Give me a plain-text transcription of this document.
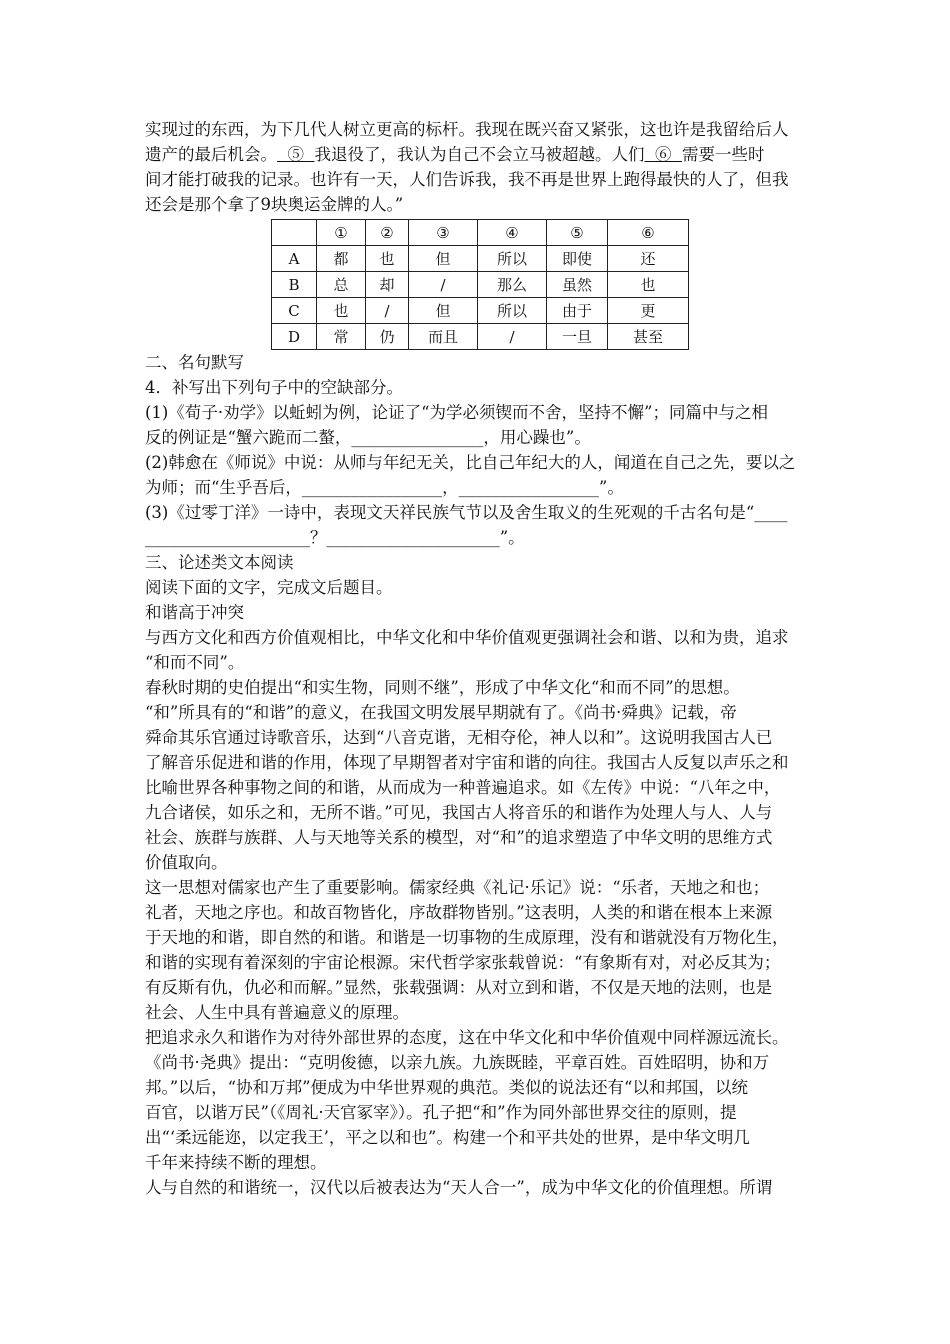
实现过的东西，为下几代人树立更高的标杆。我现在既兴奋又紧张，这也许是我留给后人

遗产的最后机会。 ⑤ 我退役了，我认为自己不会立马被超越。人们 ⑥ 需要一些时

间才能打破我的记录。也许有一天，人们告诉我，我不再是世界上跑得最快的人了，但我

还会是那个拿了9块奥运金牌的人。”

	①	②	③	④	⑤	⑥
A	都	也	但	所以	即使	还
B	总	却	/	那么	虽然	也
C	也	/	但	所以	由于	更
D	常	仍	而且	/	一旦	甚至

二、名句默写

4．补写出下列句子中的空缺部分。

(1)《荀子·劝学》以蚯蚓为例，论证了“为学必须锲而不舍，坚持不懈”；同篇中与之相

反的例证是“蟹六跪而二螯，________________，用心躁也”。

(2)韩愈在《师说》中说：从师与年纪无关，比自己年纪大的人，闻道在自己之先，要以之

为师；而“生乎吾后，_________________，_________________”。

(3)《过零丁洋》一诗中，表现文天祥民族气节以及舍生取义的生死观的千古名句是“____

____________________？_____________________”。

三、论述类文本阅读

阅读下面的文字，完成文后题目。

和谐高于冲突

与西方文化和西方价值观相比，中华文化和中华价值观更强调社会和谐、以和为贵，追求

“和而不同”。

春秋时期的史伯提出“和实生物，同则不继”，形成了中华文化“和而不同”的思想。

“和”所具有的“和谐”的意义，在我国文明发展早期就有了。《尚书·舜典》记载，帝

舜命其乐官通过诗歌音乐，达到“八音克谐，无相夺伦，神人以和”。这说明我国古人已

了解音乐促进和谐的作用，体现了早期智者对宇宙和谐的向往。我国古人反复以声乐之和

比喻世界各种事物之间的和谐，从而成为一种普遍追求。如《左传》中说：“八年之中，

九合诸侯，如乐之和，无所不谐。”可见，我国古人将音乐的和谐作为处理人与人、人与

社会、族群与族群、人与天地等关系的模型，对“和”的追求塑造了中华文明的思维方式

价值取向。

这一思想对儒家也产生了重要影响。儒家经典《礼记·乐记》说：“乐者，天地之和也；

礼者，天地之序也。和故百物皆化，序故群物皆别。”这表明，人类的和谐在根本上来源

于天地的和谐，即自然的和谐。和谐是一切事物的生成原理，没有和谐就没有万物化生，

和谐的实现有着深刻的宇宙论根源。宋代哲学家张载曾说：“有象斯有对，对必反其为；

有反斯有仇，仇必和而解。”显然，张载强调：从对立到和谐，不仅是天地的法则，也是

社会、人生中具有普遍意义的原理。

把追求永久和谐作为对待外部世界的态度，这在中华文化和中华价值观中同样源远流长。

《尚书·尧典》提出：“克明俊德，以亲九族。九族既睦，平章百姓。百姓昭明，协和万

邦。”以后，“协和万邦”便成为中华世界观的典范。类似的说法还有“以和邦国，以统

百官，以谐万民”（《周礼·天官冢宰》）。孔子把“和”作为同外部世界交往的原则，提

出“‘柔远能迩，以定我王’，平之以和也”。构建一个和平共处的世界，是中华文明几

千年来持续不断的理想。

人与自然的和谐统一，汉代以后被表达为“天人合一”，成为中华文化的价值理想。所谓
